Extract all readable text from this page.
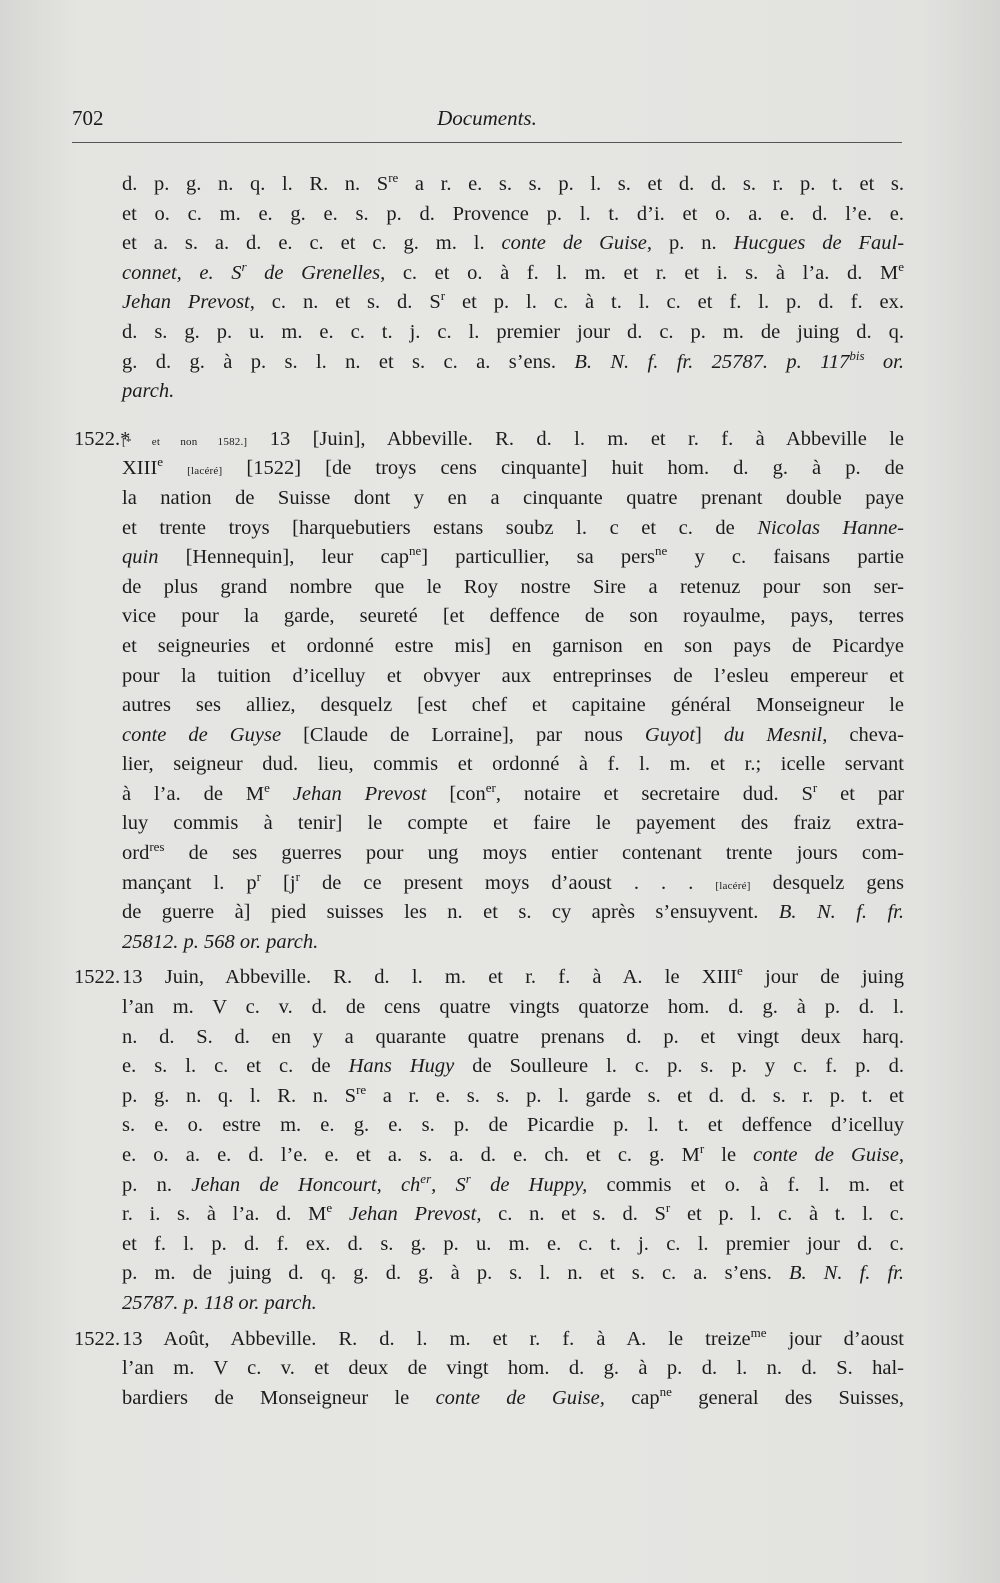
702	Documents.
d. p. g. n. q. l. R. n. $S^{re}$ a r. e. s. s. p. l. s. et d. d. s. r. p. t. et s.
et o. c. m. e. g. e. s. p. d. Provence p. l. t. d’i. et o. a. e. d. l’e. e.
et a. s. a. d. e. c. et c. g. m. l. conte de Guise, p. n. Hucgues de Faul-
connet, e. $S^r$ de Grenelles, c. et o. à f. l. m. et r. et i. s. à l’a. d. Me
Jehan Prevost, c. n. et s. d. $S^r$ et p. l. c. à t. l. c. et f. l. p. d. f. ex.
d. s. g. p. u. m. e. c. t. j. c. l. premier jour d. c. p. m. de juing d. q.
g. d. g. à p. s. l. n. et s. c. a. s’ens. B. N. f. fr. 25787. p. $117^{bis}$ or.
parch.
1522.*
[* et non 1582.] 13 [Juin], Abbeville. R. d. l. m. et r. f. à Abbeville le
XIIIe [lacéré] [1522] [de troys cens cinquante] huit hom. d. g. à p. de
la nation de Suisse dont y en a cinquante quatre prenant double paye
et trente troys [harquebutiers estans soubz l. c et c. de Nicolas Hanne-
quin [Hennequin], leur cap$^{ne}$] particullier, sa pers$^{ne}$ y c. faisans partie
de plus grand nombre que le Roy nostre Sire a retenuz pour son ser-
vice pour la garde, seureté [et deffence de son royaulme, pays, terres
et seigneuries et ordonné estre mis] en garnison en son pays de Picardye
pour la tuition d’icelluy et obvyer aux entreprinses de l’esleu empereur et
autres ses alliez, desquelz [est chef et capitaine général Monseigneur le
conte de Guyse [Claude de Lorraine], par nous Guyot] du Mesnil, cheva-
lier, seigneur dud. lieu, commis et ordonné à f. l. m. et r.; icelle servant
à l’a. de Me Jehan Prevost [con$^{er}$, notaire et secretaire dud. $S^r$ et par
luy commis à tenir] le compte et faire le payement des fraiz extra-
ord$^{res}$ de ses guerres pour ung moys entier contenant trente jours com-
mançant l. $p^r$ [$j^r$ de ce present moys d’aoust . . . [lacéré] desquelz gens
de guerre à] pied suisses les n. et s. cy après s’ensuyvent. B. N. f. fr.
25812. p. 568 or. parch.
1522. 13 Juin, Abbeville. R. d. l. m. et r. f. à A. le XIIIe jour de juing
l’an m. V c. v. d. de cens quatre vingts quatorze hom. d. g. à p. d. l.
n. d. S. d. en y a quarante quatre prenans d. p. et vingt deux harq.
e. s. l. c. et c. de Hans Hugy de Soulleure l. c. p. s. p. y c. f. p. d.
p. g. n. q. l. R. n. $S^{re}$ a r. e. s. s. p. l. garde s. et d. d. s. r. p. t. et
s. e. o. estre m. e. g. e. s. p. de Picardie p. l. t. et deffence d’icelluy
e. o. a. e. d. l’e. e. et a. s. a. d. e. ch. et c. g. $M^r$ le conte de Guise,
p. n. Jehan de Honcourt, $ch^{er}$, $S^r$ de Huppy, commis et o. à f. l. m. et
r. i. s. à l’a. d. Me Jehan Prevost, c. n. et s. d. $S^r$ et p. l. c. à t. l. c.
et f. l. p. d. f. ex. d. s. g. p. u. m. e. c. t. j. c. l. premier jour d. c.
p. m. de juing d. q. g. d. g. à p. s. l. n. et s. c. a. s’ens. B. N. f. fr.
25787. p. 118 or. parch.
1522. 13 Août, Abbeville. R. d. l. m. et r. f. à A. le treize$^{me}$ jour d’aoust
l’an m. V c. v. et deux de vingt hom. d. g. à p. d. l. n. d. S. hal-
bardiers de Monseigneur le conte de Guise, cap$^{ne}$ general des Suisses,
